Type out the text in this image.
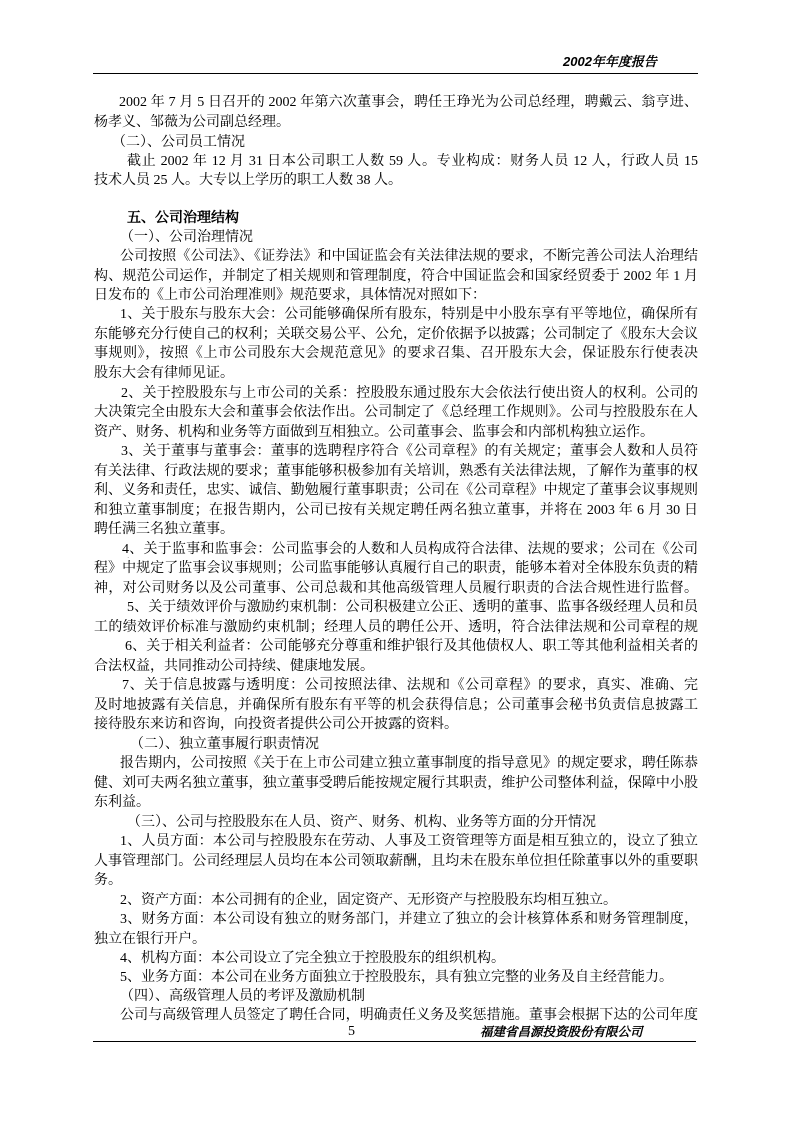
2002年年度报告
2002 年 7 月 5 日召开的 2002 年第六次董事会，聘任王琤光为公司总经理，聘戴云、翁亨进、
杨孝义、邹薇为公司副总经理。
（二）、公司员工情况
截止 2002 年 12 月 31 日本公司职工人数 59 人。专业构成：财务人员 12 人，行政人员 15
技术人员 25 人。大专以上学历的职工人数 38 人。
五、公司治理结构
（一）、公司治理情况
公司按照《公司法》、《证券法》和中国证监会有关法律法规的要求，不断完善公司法人治理结
构、规范公司运作，并制定了相关规则和管理制度，符合中国证监会和国家经贸委于 2002 年 1 月
日发布的《上市公司治理准则》规范要求，具体情况对照如下：
1、关于股东与股东大会：公司能够确保所有股东，特别是中小股东享有平等地位，确保所有
东能够充分行使自己的权利；关联交易公平、公允，定价依据予以披露；公司制定了《股东大会议
事规则》，按照《上市公司股东大会规范意见》的要求召集、召开股东大会，保证股东行使表决
股东大会有律师见证。
2、关于控股股东与上市公司的关系：控股股东通过股东大会依法行使出资人的权利。公司的
大决策完全由股东大会和董事会依法作出。公司制定了《总经理工作规则》。公司与控股股东在人
资产、财务、机构和业务等方面做到互相独立。公司董事会、监事会和内部机构独立运作。
3、关于董事与董事会：董事的选聘程序符合《公司章程》的有关规定；董事会人数和人员符
有关法律、行政法规的要求；董事能够积极参加有关培训，熟悉有关法律法规，了解作为董事的权
利、义务和责任，忠实、诚信、勤勉履行董事职责；公司在《公司章程》中规定了董事会议事规则
和独立董事制度；在报告期内，公司已按有关规定聘任两名独立董事，并将在 2003 年 6 月 30 日
聘任满三名独立董事。
4、关于监事和监事会：公司监事会的人数和人员构成符合法律、法规的要求；公司在《公司
程》中规定了监事会议事规则；公司监事能够认真履行自己的职责，能够本着对全体股东负责的精
神，对公司财务以及公司董事、公司总裁和其他高级管理人员履行职责的合法合规性进行监督。
5、关于绩效评价与激励约束机制：公司积极建立公正、透明的董事、监事各级经理人员和员
工的绩效评价标准与激励约束机制；经理人员的聘任公开、透明，符合法律法规和公司章程的规
6、关于相关利益者：公司能够充分尊重和维护银行及其他债权人、职工等其他利益相关者的
合法权益，共同推动公司持续、健康地发展。
7、关于信息披露与透明度：公司按照法律、法规和《公司章程》的要求，真实、准确、完
及时地披露有关信息，并确保所有股东有平等的机会获得信息；公司董事会秘书负责信息披露工
接待股东来访和咨询，向投资者提供公司公开披露的资料。
（二）、独立董事履行职责情况
报告期内，公司按照《关于在上市公司建立独立董事制度的指导意见》的规定要求，聘任陈恭
健、刘可夫两名独立董事，独立董事受聘后能按规定履行其职责，维护公司整体利益，保障中小股
东利益。
（三）、公司与控股股东在人员、资产、财务、机构、业务等方面的分开情况
1、人员方面：本公司与控股股东在劳动、人事及工资管理等方面是相互独立的，设立了独立
人事管理部门。公司经理层人员均在本公司领取薪酬，且均未在股东单位担任除董事以外的重要职
务。
2、资产方面：本公司拥有的企业，固定资产、无形资产与控股股东均相互独立。
3、财务方面：本公司设有独立的财务部门，并建立了独立的会计核算体系和财务管理制度，
独立在银行开户。
4、机构方面：本公司设立了完全独立于控股股东的组织机构。
5、业务方面：本公司在业务方面独立于控股股东，具有独立完整的业务及自主经营能力。
（四）、高级管理人员的考评及激励机制
公司与高级管理人员签定了聘任合同，明确责任义务及奖惩措施。董事会根据下达的公司年度
5	福建省昌源投资股份有限公司
